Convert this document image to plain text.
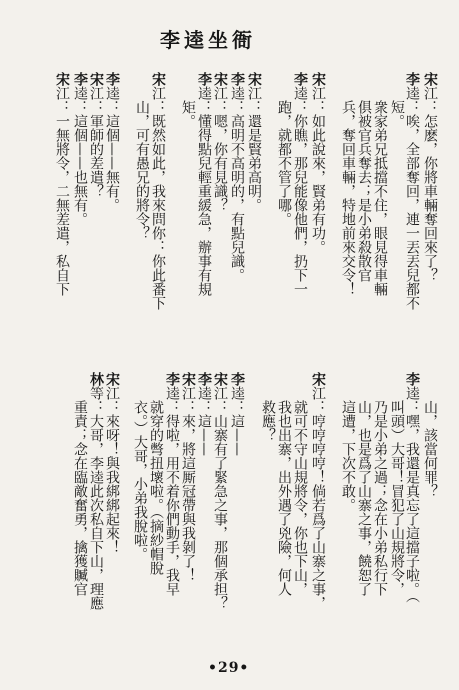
李逵坐衙
宋江：怎麽，你將車輛奪回來了？
李逵：唉，全部奪回，連一丟丟兒都不
　　短。
　　衆家弟兄抵擋不住，眼見得車輛
　　俱被官兵奪去；是小弟殺散官
　　兵，奪回車輛，特地前來交令！
宋江：如此說來，賢弟有功。
李逵：你瞧，那兒能像他們，扔下一
　　跑，就都不管了哪。
宋江：還是賢弟高明。
李逵：高明不高明的，有點兒識。
宋江：嗯，你有見識？
李逵：懂得點兒輕重緩急，辦事有規
　　矩。
宋江：既然如此，我來問你：你此番下
　　山，可有愚兄的將令？
李逵：這個——無有。
宋江：軍師的差遣？
李逵：這個——也無有。
宋江：一無將令，二無差遣，私自下
　　山，該當何罪？
李逵：嘿，我還是真忘了這擋子啦。（
　　叫頭）大哥！冒犯了山規將令，
　　乃是小弟之過；念在小弟私行下
　　山，也是爲了山寨之事，饒恕了
　　這遭，下次不敢。
宋江：哼哼哼哼！倘若爲了山寨之事，
　　就可不守山規將令，你也下山，
　　我也出寨，出外遇了兇險，何人
　　救應？
李逵：這——
宋江：山寨有了緊急之事，那個承担？
李逵：這——
宋江：來，將這厮冠帶與我剝了！
李逵：得啦，用不着你們動手，我早
　　就穿的彆扭壞啦。（摘紗帽脫
　　衣。）大哥，小弟我脫啦。
宋江：來呀！與我綁綁起來！
林等：大哥，李逵此次私自下山，理應
　　重責；念在臨敵奮勇，擒獲贓官
•29•
